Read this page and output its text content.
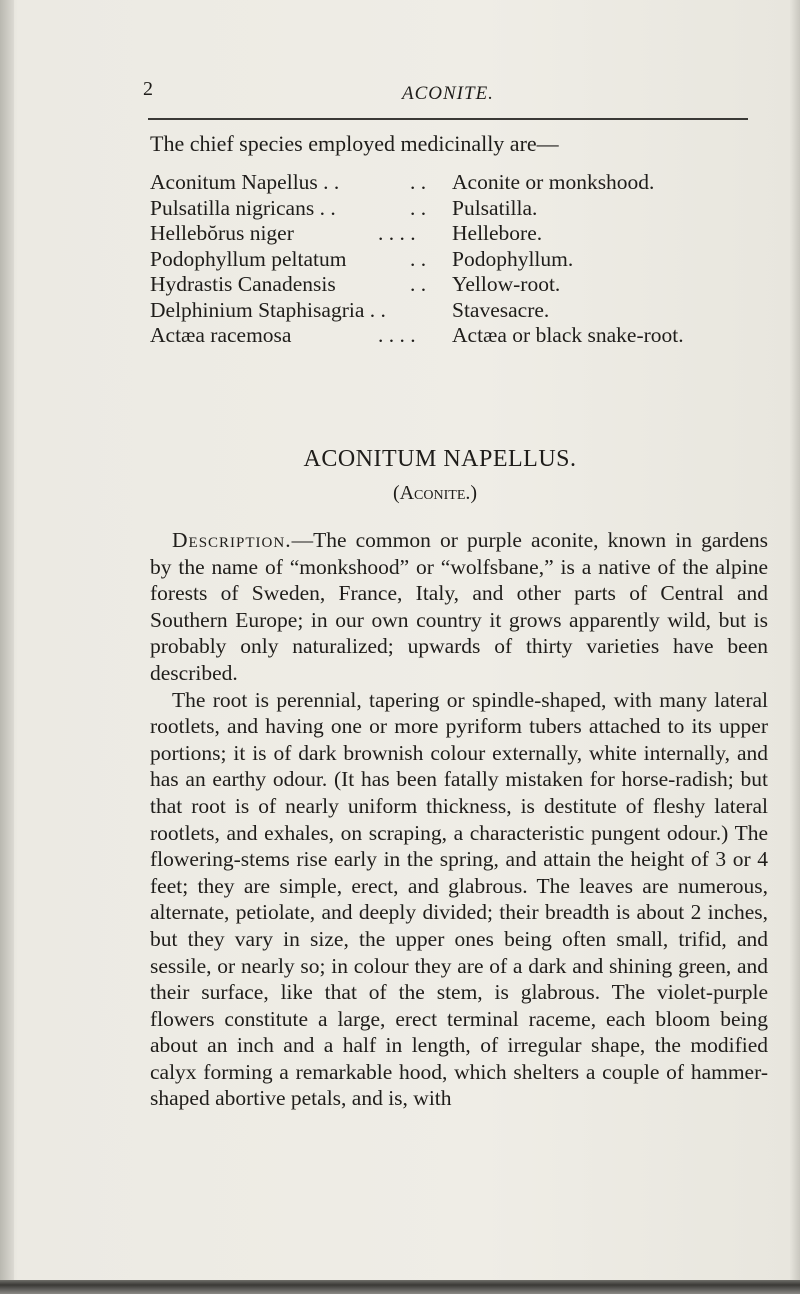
2	ACONITE.
The chief species employed medicinally are—
Aconitum Napellus . .	. . Aconite or monkshood.
Pulsatilla nigricans . .	. . Pulsatilla.
Hellebŏrus niger	. . . . Hellebore.
Podophyllum peltatum	. . Podophyllum.
Hydrastis Canadensis	. . Yellow-root.
Delphinium Staphisagria . .	Stavesacre.
Actæa racemosa	. . . . Actæa or black snake-root.
ACONITUM NAPELLUS.
(Aconite.)

Description.—The common or purple aconite, known in gardens by the name of “monkshood” or “wolfsbane,” is a native of the alpine forests of Sweden, France, Italy, and other parts of Central and Southern Europe; in our own country it grows apparently wild, but is probably only naturalized; upwards of thirty varieties have been described.

The root is perennial, tapering or spindle-shaped, with many lateral rootlets, and having one or more pyriform tubers attached to its upper portions; it is of dark brownish colour externally, white internally, and has an earthy odour. (It has been fatally mistaken for horse-radish; but that root is of nearly uniform thickness, is destitute of fleshy lateral rootlets, and exhales, on scraping, a characteristic pungent odour.) The flowering-stems rise early in the spring, and attain the height of 3 or 4 feet; they are simple, erect, and glabrous. The leaves are numerous, alternate, petiolate, and deeply divided; their breadth is about 2 inches, but they vary in size, the upper ones being often small, trifid, and sessile, or nearly so; in colour they are of a dark and shining green, and their surface, like that of the stem, is glabrous. The violet-purple flowers constitute a large, erect terminal raceme, each bloom being about an inch and a half in length, of irregular shape, the modified calyx forming a remarkable hood, which shelters a couple of hammer-shaped abortive petals, and is, with
